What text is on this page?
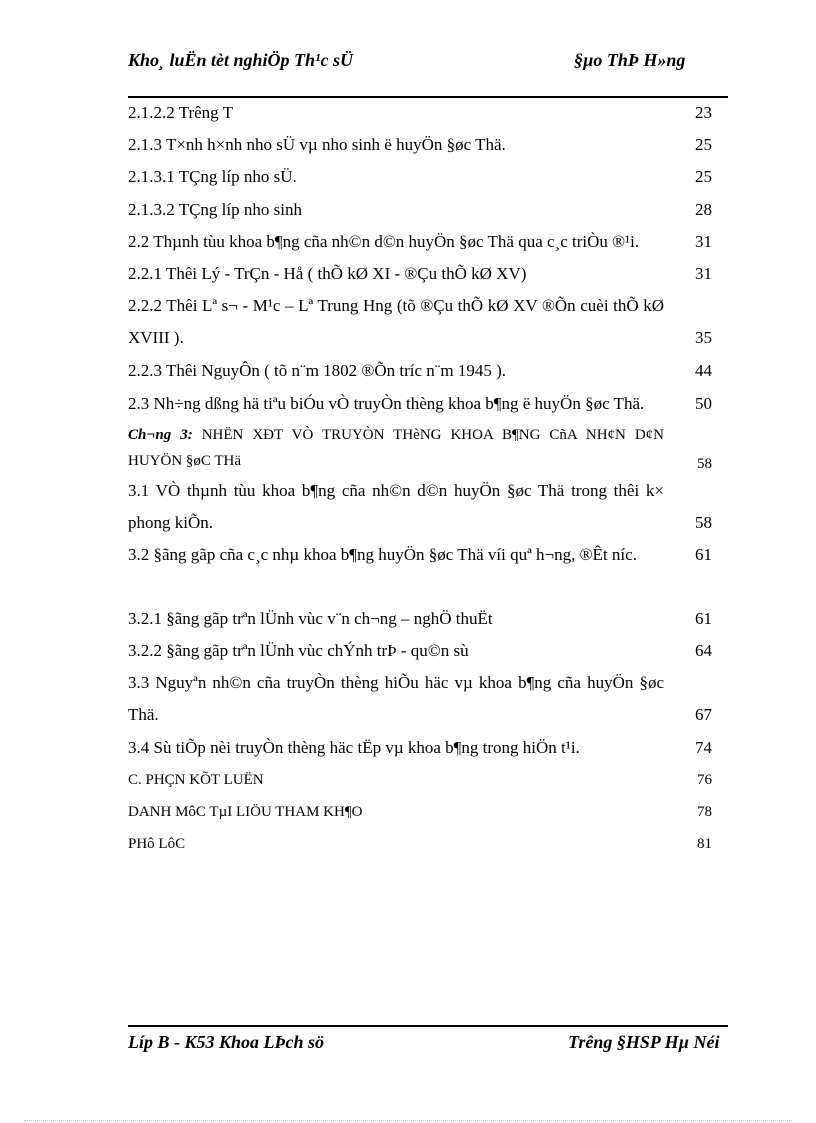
Kho¸ luËn tèt nghiÖp Th¹c sÜ	§µo ThÞ H»ng
2.1.2.2 Trêng T	23
2.1.3 T×nh h×nh nho sÜ vµ nho sinh ë huyÖn §øc Thä.	25
2.1.3.1 TÇng líp nho sÜ.	25
2.1.3.2 TÇng líp nho sinh	28
2.2 Thµnh tùu khoa b¶ng cña nh©n d©n huyÖn §øc Thä qua c¸c triÒu ®¹i.	31
2.2.1 Thêi Lý - TrÇn - Hå ( thÕ kØ XI - ®Çu thÕ kØ XV)	31
2.2.2 Thêi Lª s¬ - M¹c – Lª Trung Hng (tõ ®Çu thÕ kØ XV ®Õn cuèi thÕ kØ XVIII ).	35
2.2.3 Thêi NguyÔn ( tõ n¨m 1802 ®Õn tríc n¨m 1945 ).	44
2.3 Nh÷ng dßng hä tiªu biÓu vÒ truyÒn thèng khoa b¶ng ë huyÖn §øc Thä.	50
Ch¬ng 3: NHËN XÐT VÒ TRUYÒN THèNG KHOA B¶NG CñA NH¢N D¢N HUYÖN §øC THä	58
3.1 VÒ thµnh tùu khoa b¶ng cña nh©n d©n huyÖn §øc Thä trong thêi k× phong kiÕn.	58
3.2 §ãng gãp cña c¸c nhµ khoa b¶ng huyÖn §øc Thä víi quª h¬ng, ®Êt níc.	61
3.2.1 §ãng gãp trªn lÜnh vùc v¨n ch¬ng – nghÖ thuËt	61
3.2.2 §ãng gãp trªn lÜnh vùc chÝnh trÞ - qu©n sù	64
3.3 Nguyªn nh©n cña truyÒn thèng hiÕu häc vµ khoa b¶ng cña huyÖn §øc Thä.	67
3.4 Sù tiÕp nèi truyÒn thèng häc tËp vµ khoa b¶ng trong hiÖn t¹i.	74
C. PHÇN KÕT LUËN	76
DANH MôC TµI LIÖU THAM KH¶O	78
PHô LôC	81
Líp B - K53 Khoa LÞch sö	Trêng §HSP Hµ Néi
